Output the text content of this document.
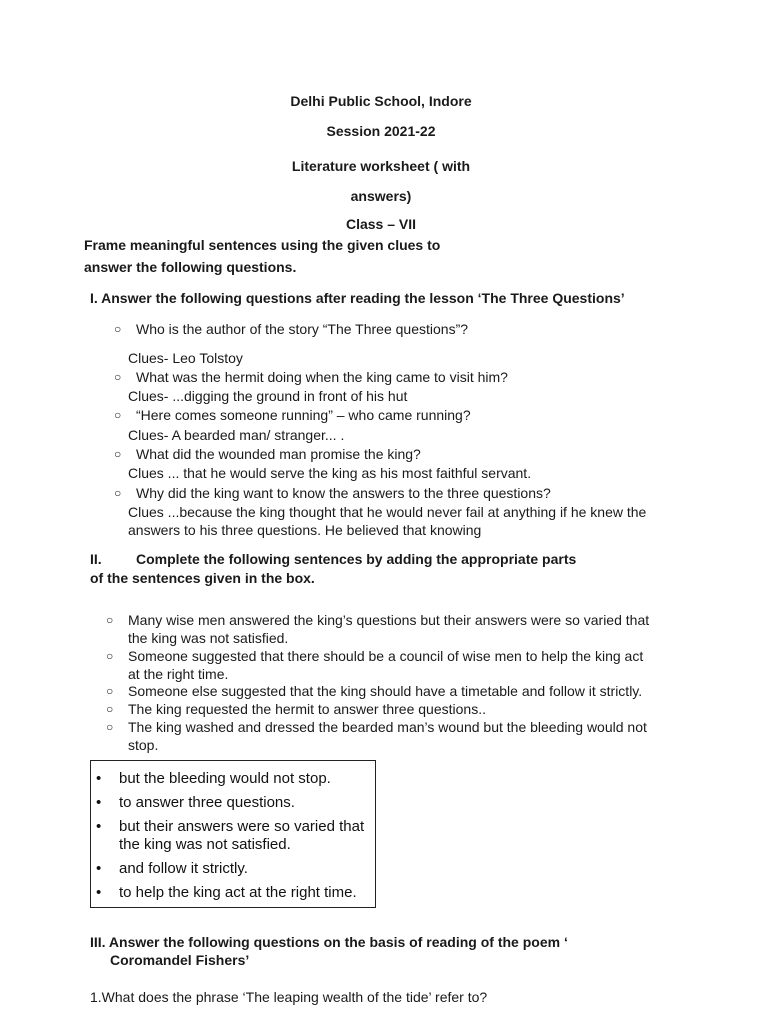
Delhi Public School, Indore
Session 2021-22
Literature worksheet ( with
answers)
Class – VII
Frame meaningful sentences using the given clues to
answer the following questions.
I. Answer the following questions after reading the lesson ‘The Three Questions’
○ Who is the author of the story “The Three questions”?
Clues- Leo Tolstoy
○ What was the hermit doing when the king came to visit him?
Clues- ...digging the ground in front of his hut
○ “Here comes someone running” – who came running?
Clues- A bearded man/ stranger... .
○ What did the wounded man promise the king?
Clues ... that he would serve the king as his most faithful servant.
○ Why did the king want to know the answers to the three questions?
Clues ...because the king thought that he would never fail at anything if he knew the
answers to his three questions. He believed that knowing
II. Complete the following sentences by adding the appropriate parts
of the sentences given in the box.
○ Many wise men answered the king’s questions but their answers were so varied that
the king was not satisfied.
○ Someone suggested that there should be a council of wise men to help the king act
at the right time.
○ Someone else suggested that the king should have a timetable and follow it strictly.
○ The king requested the hermit to answer three questions..
○ The king washed and dressed the bearded man’s wound but the bleeding would not
stop.
• but the bleeding would not stop.
• to answer three questions.
• but their answers were so varied that
the king was not satisfied.
• and follow it strictly.
• to help the king act at the right time.
III. Answer the following questions on the basis of reading of the poem ‘
Coromandel Fishers’
1.What does the phrase ‘The leaping wealth of the tide’ refer to?
